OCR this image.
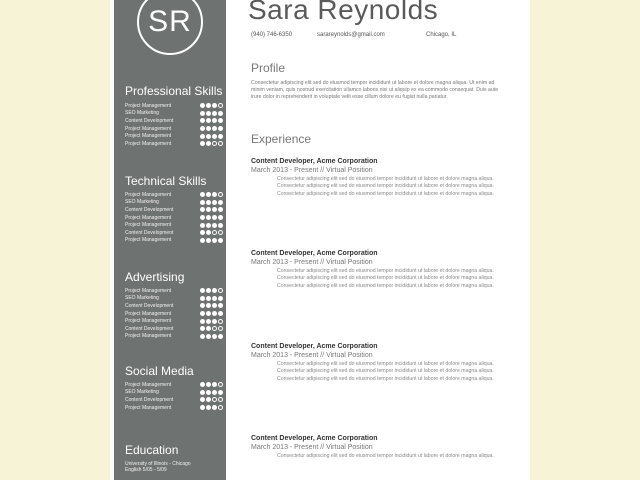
Professional Skills
Project Management
SEO Marketing
Content Development
Project Management
Project Management
Project Management
Technical Skills
Project Management
SEO Marketing
Content Development
Project Management
Project Management
Content Development
Project Management
Advertising
Project Management
SEO Marketing
Content Development
Project Management
Project Management
Content Development
Project Management
Social Media
Project Management
SEO Marketing
Content Development
Project Management
Education
University of Illinois - Chicago
English 5/05 - 5/09
SR	Sara Reynolds
(940) 746-6350	sarareynolds@gmail.com	Chicago, IL
Profile
Consectetur adipiscing elit sed do eiusmod tempor incididunt ut labore et dolore magna aliqua. Ut enim ad minim veniam, quis nostrud exercitation ullamco laboris nisi ut aliquip ex ea commodo consequat. Duis aute irure dolor in reprehenderit in voluptate velit esse cillum dolore eu fugiat nulla pariatur.
Experience
Content Developer, Acme Corporation
March 2013 - Present // Virtual Position
Consectetur adipiscing elit sed do eiusmod tempor incididunt ut labore et dolore magna aliqua.
Consectetur adipiscing elit sed do eiusmod tempor incididunt ut labore et dolore magna aliqua.
Consectetur adipiscing elit sed do eiusmod tempor incididunt ut labore et dolore magna aliqua.
Content Developer, Acme Corporation
March 2013 - Present // Virtual Position
Consectetur adipiscing elit sed do eiusmod tempor incididunt ut labore et dolore magna aliqua.
Consectetur adipiscing elit sed do eiusmod tempor incididunt ut labore et dolore magna aliqua.
Consectetur adipiscing elit sed do eiusmod tempor incididunt ut labore et dolore magna aliqua.
Content Developer, Acme Corporation
March 2013 - Present // Virtual Position
Consectetur adipiscing elit sed do eiusmod tempor incididunt ut labore et dolore magna aliqua.
Consectetur adipiscing elit sed do eiusmod tempor incididunt ut labore et dolore magna aliqua.
Consectetur adipiscing elit sed do eiusmod tempor incididunt ut labore et dolore magna aliqua.
Content Developer, Acme Corporation
March 2013 - Present // Virtual Position
Consectetur adipiscing elit sed do eiusmod tempor incididunt ut labore et dolore magna aliqua.
